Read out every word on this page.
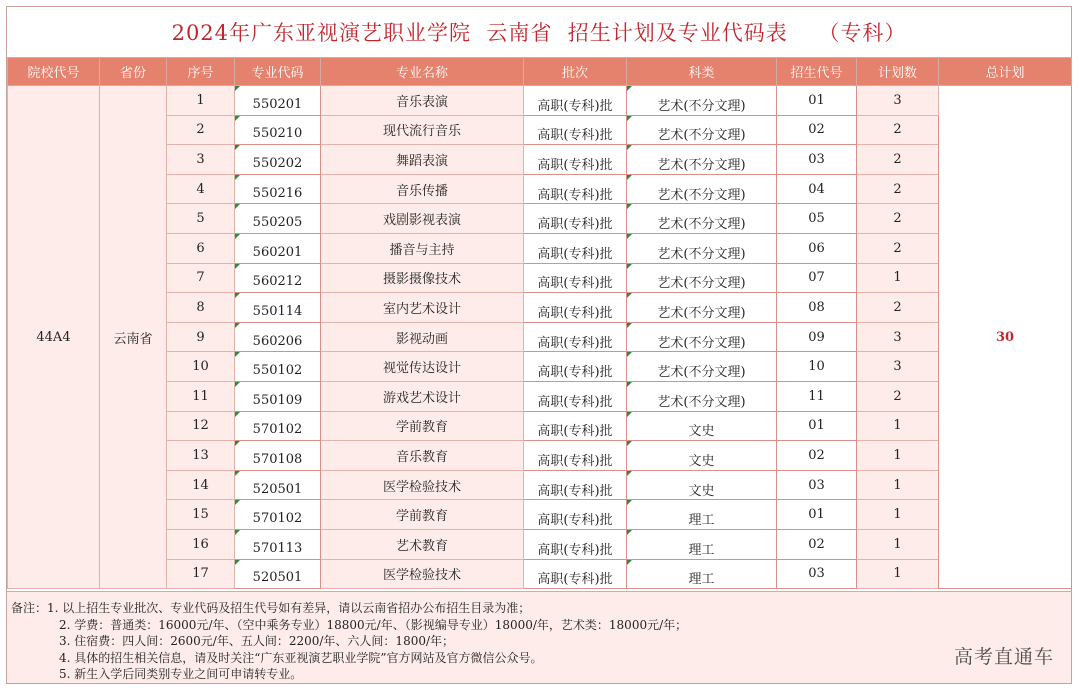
2024年广东亚视演艺职业学院  云南省  招生计划及专业代码表    （专科）
院校代号	省份	序号	专业代码	专业名称	批次	科类	招生代号	计划数	总计划
44A4	云南省	1	550201	音乐表演	高职(专科)批	艺术(不分文理)	01	3	30
		2	550210	现代流行音乐	高职(专科)批	艺术(不分文理)	02	2	
		3	550202	舞蹈表演	高职(专科)批	艺术(不分文理)	03	2	
		4	550216	音乐传播	高职(专科)批	艺术(不分文理)	04	2	
		5	550205	戏剧影视表演	高职(专科)批	艺术(不分文理)	05	2	
		6	560201	播音与主持	高职(专科)批	艺术(不分文理)	06	2	
		7	560212	摄影摄像技术	高职(专科)批	艺术(不分文理)	07	1	
		8	550114	室内艺术设计	高职(专科)批	艺术(不分文理)	08	2	
		9	560206	影视动画	高职(专科)批	艺术(不分文理)	09	3	
		10	550102	视觉传达设计	高职(专科)批	艺术(不分文理)	10	3	
		11	550109	游戏艺术设计	高职(专科)批	艺术(不分文理)	11	2	
		12	570102	学前教育	高职(专科)批	文史	01	1	
		13	570108	音乐教育	高职(专科)批	文史	02	1	
		14	520501	医学检验技术	高职(专科)批	文史	03	1	
		15	570102	学前教育	高职(专科)批	理工	01	1	
		16	570113	艺术教育	高职(专科)批	理工	02	1	
		17	520501	医学检验技术	高职(专科)批	理工	03	1	
备注：1. 以上招生专业批次、专业代码及招生代号如有差异，请以云南省招办公布招生目录为准；
2. 学费：普通类：16000元/年、（空中乘务专业）18800元/年、（影视编导专业）18000/年，艺术类：18000元/年；
3. 住宿费：四人间：2600元/年、五人间：2200/年、六人间：1800/年；
4. 具体的招生相关信息，请及时关注“广东亚视演艺职业学院”官方网站及官方微信公众号。
5. 新生入学后同类别专业之间可申请转专业。
高考直通车
